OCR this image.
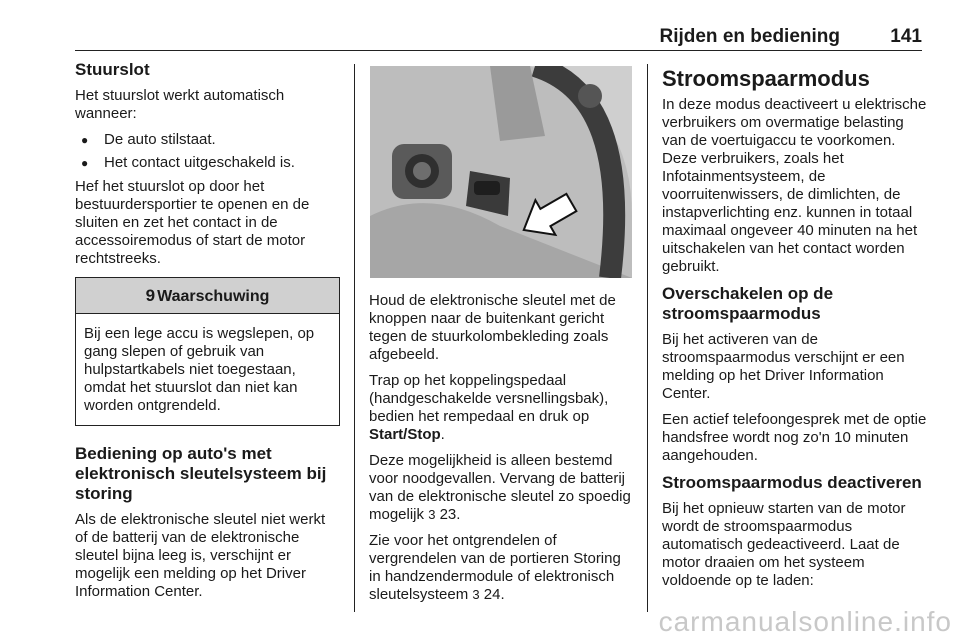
Rijden en bediening	141
Stuurslot

Het stuurslot werkt automatisch wanneer:

● De auto stilstaat.
● Het contact uitgeschakeld is.

Hef het stuurslot op door het bestuurdersportier te openen en de sluiten en zet het contact in de accessoiremodus of start de motor rechtstreeks.

9 Waarschuwing
Bij een lege accu is wegslepen, op gang slepen of gebruik van hulpstartkabels niet toegestaan, omdat het stuurslot dan niet kan worden ontgrendeld.
Bediening op auto's met elektronisch sleutelsysteem bij storing

Als de elektronische sleutel niet werkt of de batterij van de elektronische sleutel bijna leeg is, verschijnt er mogelijk een melding op het Driver Information Center.

Houd de elektronische sleutel met de knoppen naar de buitenkant gericht tegen de stuurkolombekleding zoals afgebeeld.

Trap op het koppelingspedaal (handgeschakelde versnellingsbak), bedien het rempedaal en druk op Start/Stop.

Deze mogelijkheid is alleen bestemd voor noodgevallen. Vervang de batterij van de elektronische sleutel zo spoedig mogelijk 3 23.

Zie voor het ontgrendelen of vergrendelen van de portieren Storing in handzendermodule of elektronisch sleutelsysteem 3 24.

Stroomspaarmodus

In deze modus deactiveert u elektrische verbruikers om overmatige belasting van de voertuigaccu te voorkomen. Deze verbruikers, zoals het Infotainmentsysteem, de voorruitenwissers, de dimlichten, de instapverlichting enz. kunnen in totaal maximaal ongeveer 40 minuten na het uitschakelen van het contact worden gebruikt.

Overschakelen op de stroomspaarmodus

Bij het activeren van de stroomspaarmodus verschijnt er een melding op het Driver Information Center.

Een actief telefoongesprek met de optie handsfree wordt nog zo'n 10 minuten aangehouden.

Stroomspaarmodus deactiveren

Bij het opnieuw starten van de motor wordt de stroomspaarmodus automatisch gedeactiveerd. Laat de motor draaien om het systeem voldoende op te laden:

carmanualsonline.info
